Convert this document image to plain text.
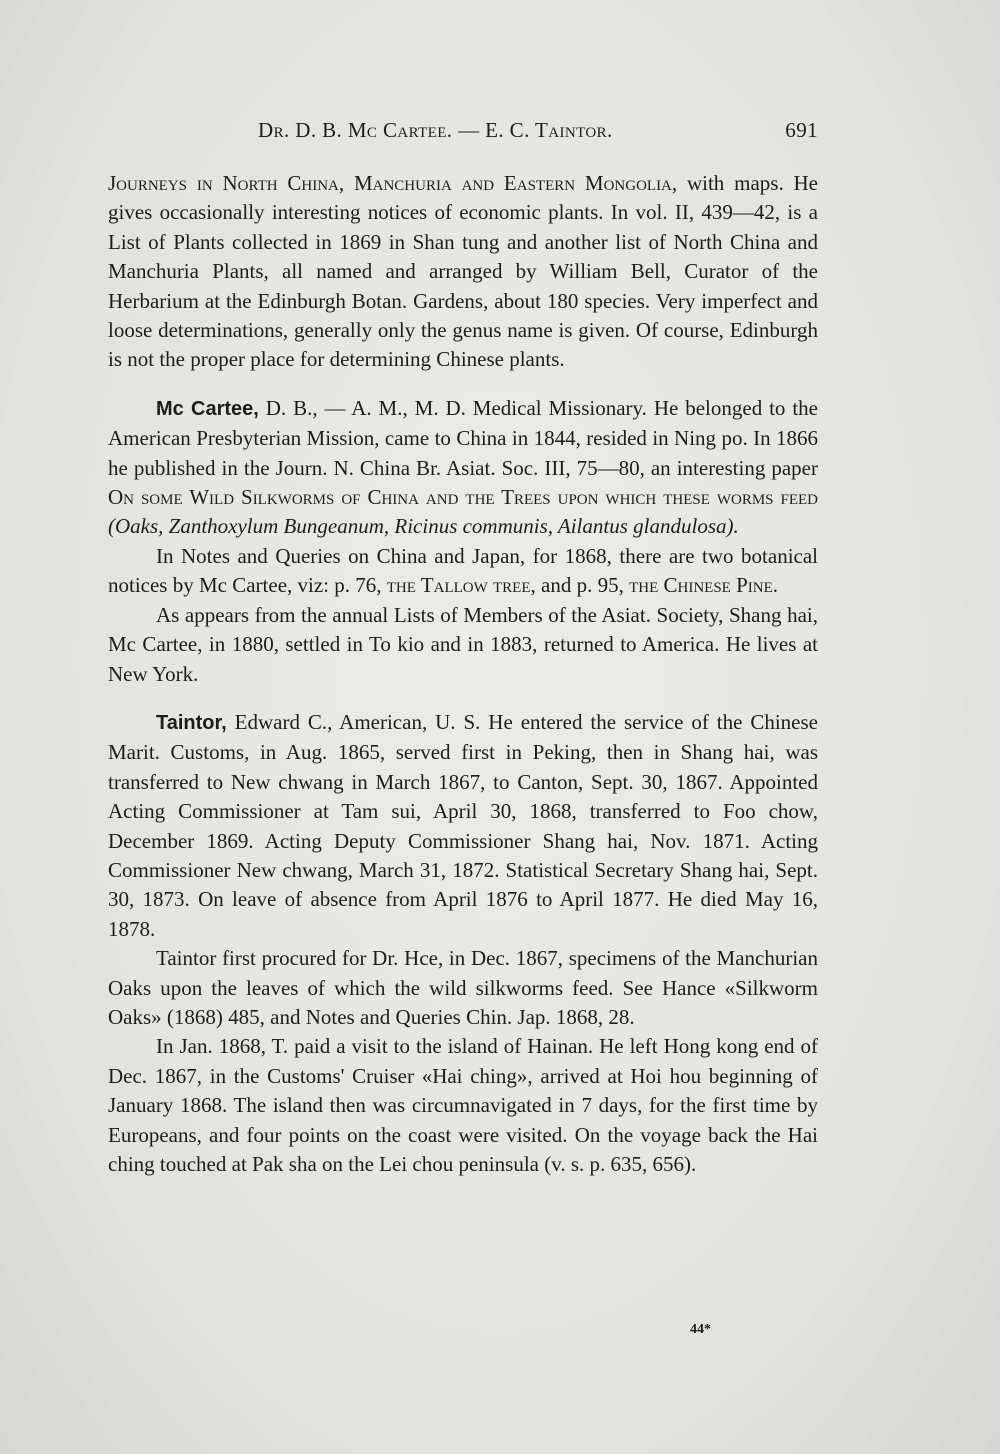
Dr. D. B. Mc Cartee. — E. C. Taintor.	691

Journeys in North China, Manchuria and Eastern Mongolia, with maps. He gives occasionally interesting notices of economic plants. In vol. II, 439—42, is a List of Plants collected in 1869 in Shan tung and another list of North China and Manchuria Plants, all named and arranged by William Bell, Curator of the Herbarium at the Edinburgh Botan. Gardens, about 180 species. Very imperfect and loose determinations, generally only the genus name is given. Of course, Edinburgh is not the proper place for determining Chinese plants.

Mc Cartee, D. B., — A. M., M. D. Medical Missionary. He belonged to the American Presbyterian Mission, came to China in 1844, resided in Ning po. In 1866 he published in the Journ. N. China Br. Asiat. Soc. III, 75—80, an interesting paper On some Wild Silkworms of China and the Trees upon which these worms feed (Oaks, Zanthoxylum Bungeanum, Ricinus communis, Ailantus glandulosa).

In Notes and Queries on China and Japan, for 1868, there are two botanical notices by Mc Cartee, viz: p. 76, the Tallow tree, and p. 95, the Chinese Pine.

As appears from the annual Lists of Members of the Asiat. Society, Shang hai, Mc Cartee, in 1880, settled in To kio and in 1883, returned to America. He lives at New York.

Taintor, Edward C., American, U. S. He entered the service of the Chinese Marit. Customs, in Aug. 1865, served first in Peking, then in Shang hai, was transferred to New chwang in March 1867, to Canton, Sept. 30, 1867. Appointed Acting Commissioner at Tam sui, April 30, 1868, transferred to Foo chow, December 1869. Acting Deputy Commissioner Shang hai, Nov. 1871. Acting Commissioner New chwang, March 31, 1872. Statistical Secretary Shang hai, Sept. 30, 1873. On leave of absence from April 1876 to April 1877. He died May 16, 1878.

Taintor first procured for Dr. Hce, in Dec. 1867, specimens of the Manchurian Oaks upon the leaves of which the wild silkworms feed. See Hance «Silkworm Oaks» (1868) 485, and Notes and Queries Chin. Jap. 1868, 28.

In Jan. 1868, T. paid a visit to the island of Hainan. He left Hong kong end of Dec. 1867, in the Customs' Cruiser «Hai ching», arrived at Hoi hou beginning of January 1868. The island then was circumnavigated in 7 days, for the first time by Europeans, and four points on the coast were visited. On the voyage back the Hai ching touched at Pak sha on the Lei chou peninsula (v. s. p. 635, 656).

44*
